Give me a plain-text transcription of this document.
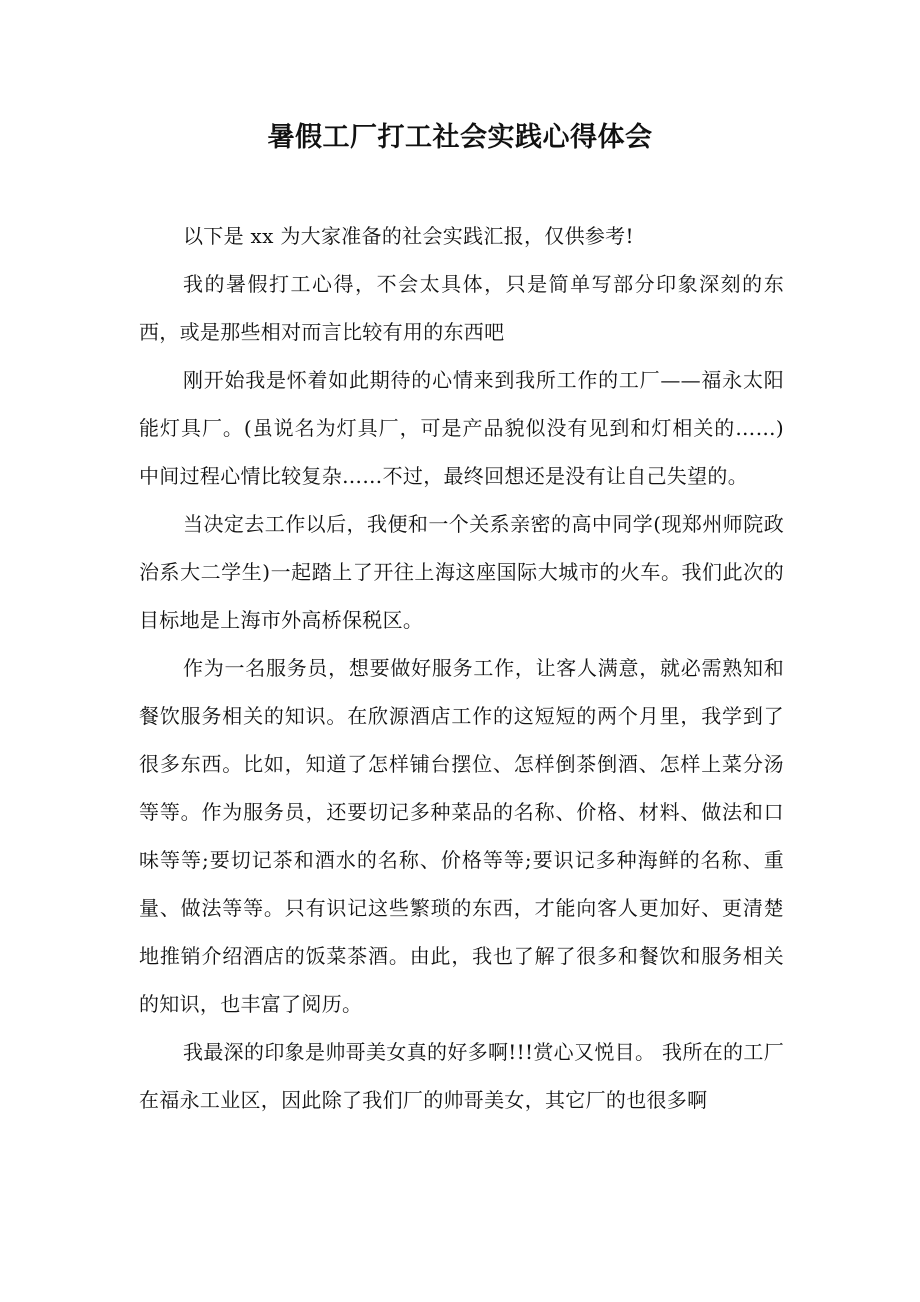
暑假工厂打工社会实践心得体会

以下是 xx 为大家准备的社会实践汇报，仅供参考!

我的暑假打工心得，不会太具体，只是简单写部分印象深刻的东西，或是那些相对而言比较有用的东西吧

刚开始我是怀着如此期待的心情来到我所工作的工厂——福永太阳能灯具厂。(虽说名为灯具厂，可是产品貌似没有见到和灯相关的……)中间过程心情比较复杂……不过，最终回想还是没有让自己失望的。

当决定去工作以后，我便和一个关系亲密的高中同学(现郑州师院政治系大二学生)一起踏上了开往上海这座国际大城市的火车。我们此次的目标地是上海市外高桥保税区。

作为一名服务员，想要做好服务工作，让客人满意，就必需熟知和餐饮服务相关的知识。在欣源酒店工作的这短短的两个月里，我学到了很多东西。比如，知道了怎样铺台摆位、怎样倒茶倒酒、怎样上菜分汤等等。作为服务员，还要切记多种菜品的名称、价格、材料、做法和口味等等;要切记茶和酒水的名称、价格等等;要识记多种海鲜的名称、重量、做法等等。只有识记这些繁琐的东西，才能向客人更加好、更清楚地推销介绍酒店的饭菜茶酒。由此，我也了解了很多和餐饮和服务相关的知识，也丰富了阅历。

我最深的印象是帅哥美女真的好多啊!!!赏心又悦目。 我所在的工厂在福永工业区，因此除了我们厂的帅哥美女，其它厂的也很多啊
